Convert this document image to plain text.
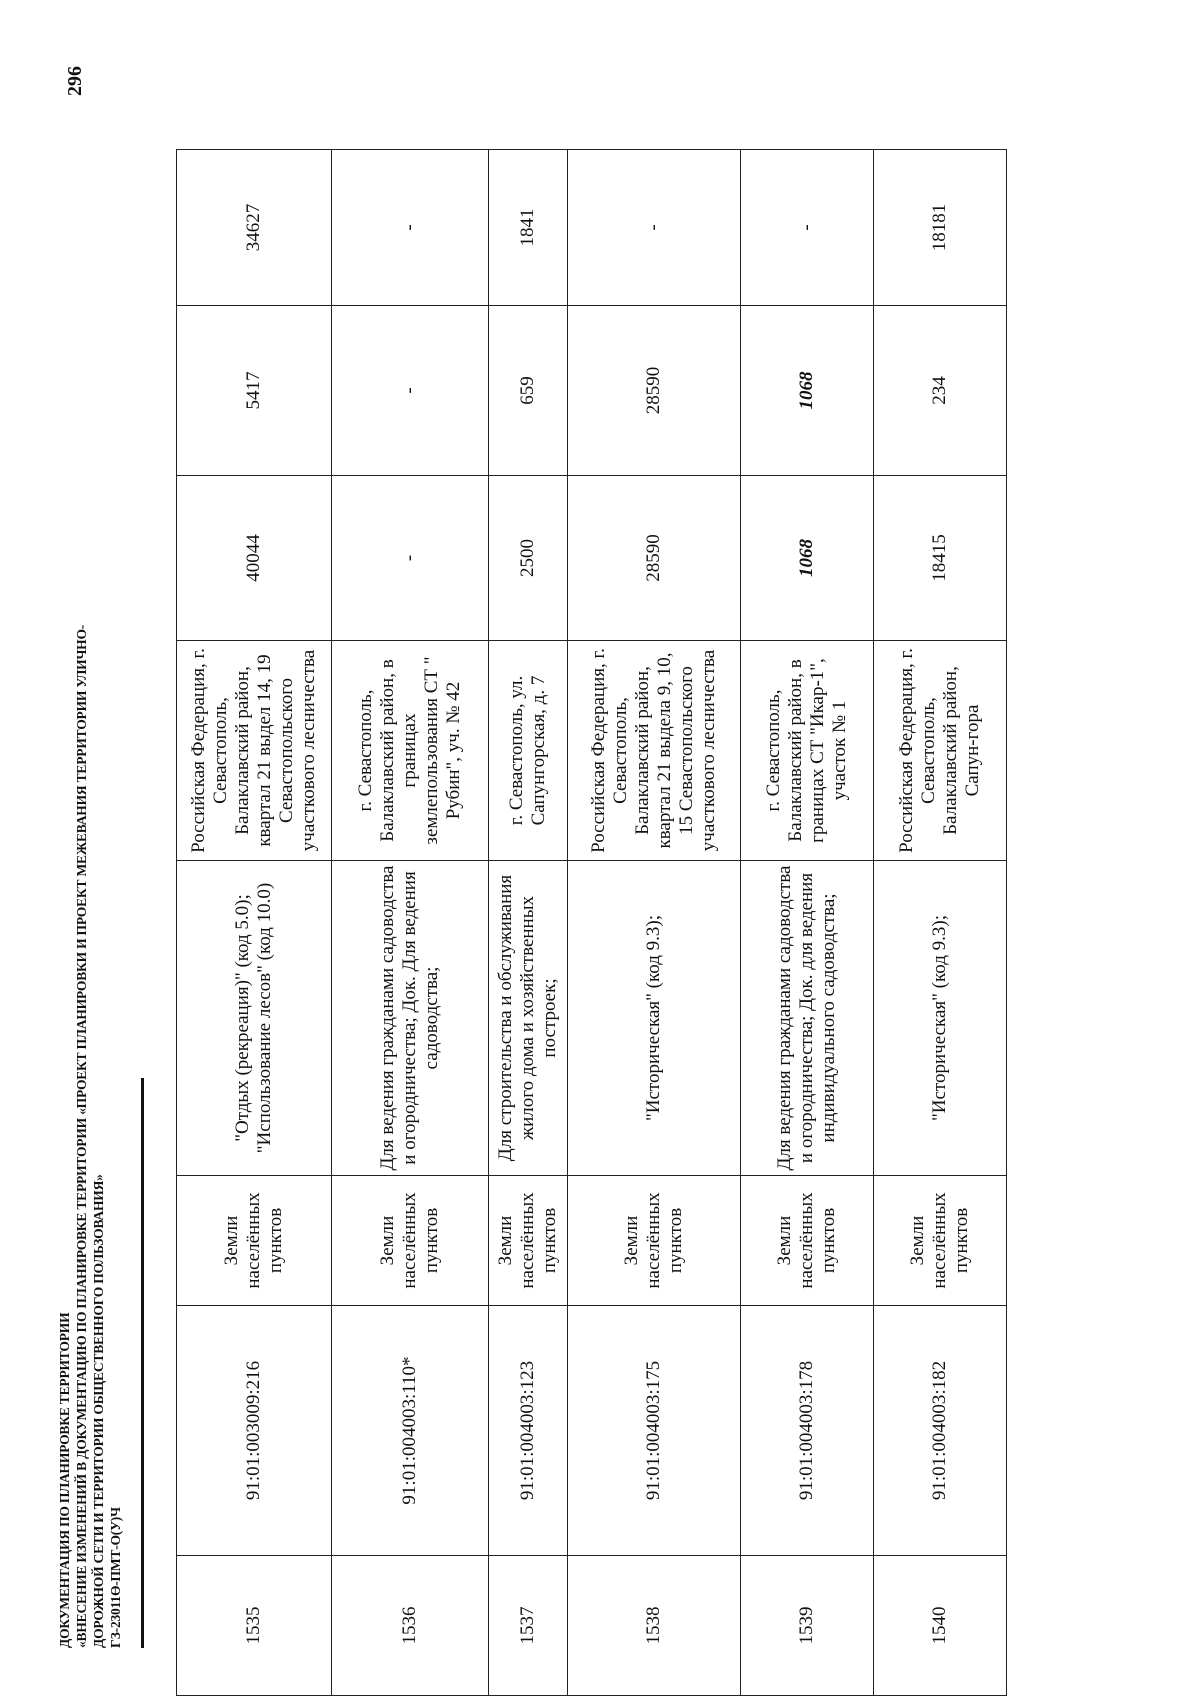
296
ДОКУМЕНТАЦИЯ ПО ПЛАНИРОВКЕ ТЕРРИТОРИИ «ВНЕСЕНИЕ ИЗМЕНЕНИЙ В ДОКУМЕНТАЦИЮ ПО ПЛАНИРОВКЕ ТЕРРИТОРИИ «ПРОЕКТ ПЛАНИРОВКИ И ПРОЕКТ МЕЖЕВАНИЯ ТЕРРИТОРИИ УЛИЧНО- ДОРОЖНОЙ СЕТИ И ТЕРРИТОРИИ ОБЩЕСТВЕННОГО ПОЛЬЗОВАНИЯ» ГЗ-23011Ө-ПМТ-О(У)Ч	1535	91:01:003009:216	Земли населённых пунктов	"Отдых (рекреация)" (код 5.0); "Использование лесов" (код 10.0)	Российская Федерация, г. Севастополь, Балаклавский район, квартал 21 выдел 14, 19 Севастопольского участкового лесничества	40044	5417	34627
1536	91:01:004003:110*	Земли населённых пунктов	Для ведения гражданами садоводства и огородничества; Док. Для ведения садоводства;	г. Севастополь, Балаклавский район, в границах землепользования СТ " Рубин", уч. № 42	-	-	-
1537	91:01:004003:123	Земли населённых пунктов	Для строительства и обслуживания жилого дома и хозяйственных построек;	г. Севастополь, ул. Сапунгорская, д. 7	2500	659	1841
1538	91:01:004003:175	Земли населённых пунктов	"Историческая" (код 9.3);	Российская Федерация, г. Севастополь, Балаклавский район, квартал 21 выдела 9, 10, 15 Севастопольского участкового лесничества	28590	28590	-
1539	91:01:004003:178	Земли населённых пунктов	Для ведения гражданами садоводства и огородничества; Док. для ведения индивидуального садоводства;	г. Севастополь, Балаклавский район, в границах СТ "Икар-1", участок № 1	1068	1068	-
1540	91:01:004003:182	Земли населённых пунктов	"Историческая" (код 9.3);	Российская Федерация, г. Севастополь, Балаклавский район, Сапун-гора	18415	234	18181
